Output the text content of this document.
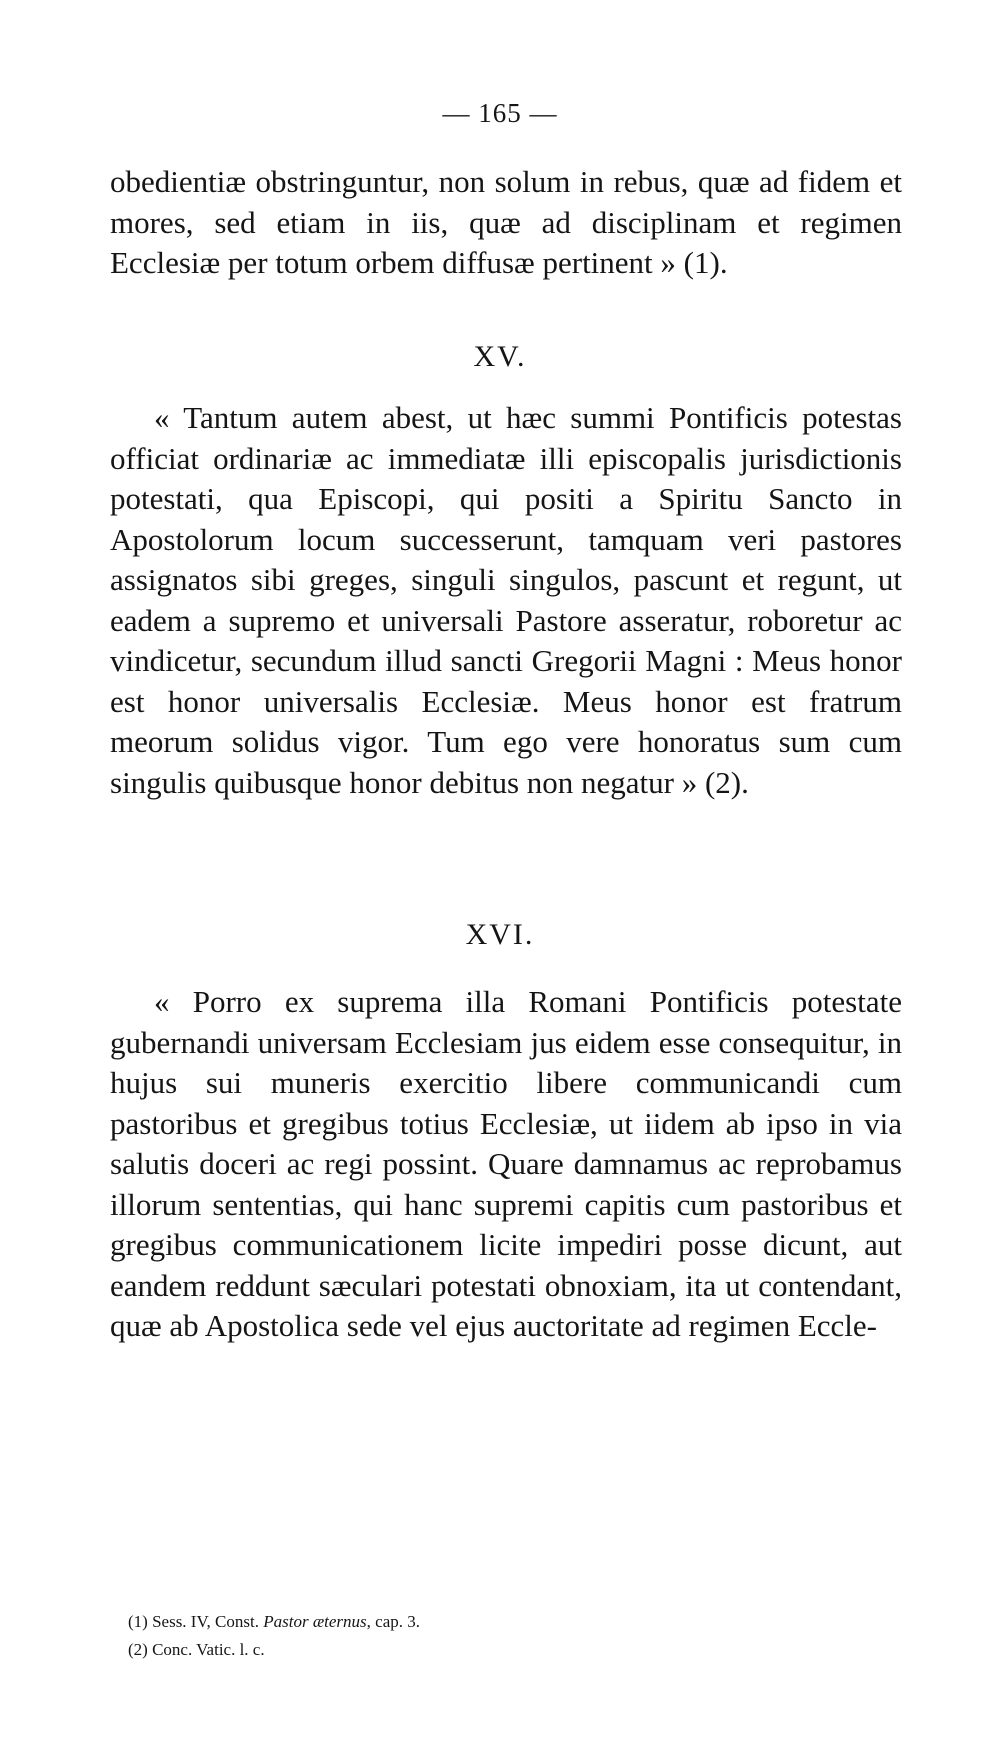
— 165 —

obedientiæ obstringuntur, non solum in rebus, quæ ad fidem et mores, sed etiam in iis, quæ ad disciplinam et regimen Ecclesiæ per totum orbem diffusæ pertinent » (1).

XV.

« Tantum autem abest, ut hæc summi Pontificis potestas officiat ordinariæ ac immediatæ illi episcopalis jurisdictionis potestati, qua Episcopi, qui positi a Spiritu Sancto in Apostolorum locum successerunt, tamquam veri pastores assignatos sibi greges, singuli singulos, pascunt et regunt, ut eadem a supremo et universali Pastore asseratur, roboretur ac vindicetur, secundum illud sancti Gregorii Magni : Meus honor est honor universalis Ecclesiæ. Meus honor est fratrum meorum solidus vigor. Tum ego vere honoratus sum cum singulis quibusque honor debitus non negatur » (2).

XVI.

« Porro ex suprema illa Romani Pontificis potestate gubernandi universam Ecclesiam jus eidem esse consequitur, in hujus sui muneris exercitio libere communicandi cum pastoribus et gregibus totius Ecclesiæ, ut iidem ab ipso in via salutis doceri ac regi possint. Quare damnamus ac reprobamus illorum sententias, qui hanc supremi capitis cum pastoribus et gregibus communicationem licite impediri posse dicunt, aut eandem reddunt sæculari potestati obnoxiam, ita ut contendant, quæ ab Apostolica sede vel ejus auctoritate ad regimen Eccle-

(1) Sess. IV, Const. Pastor æternus, cap. 3.
(2) Conc. Vatic. l. c.
